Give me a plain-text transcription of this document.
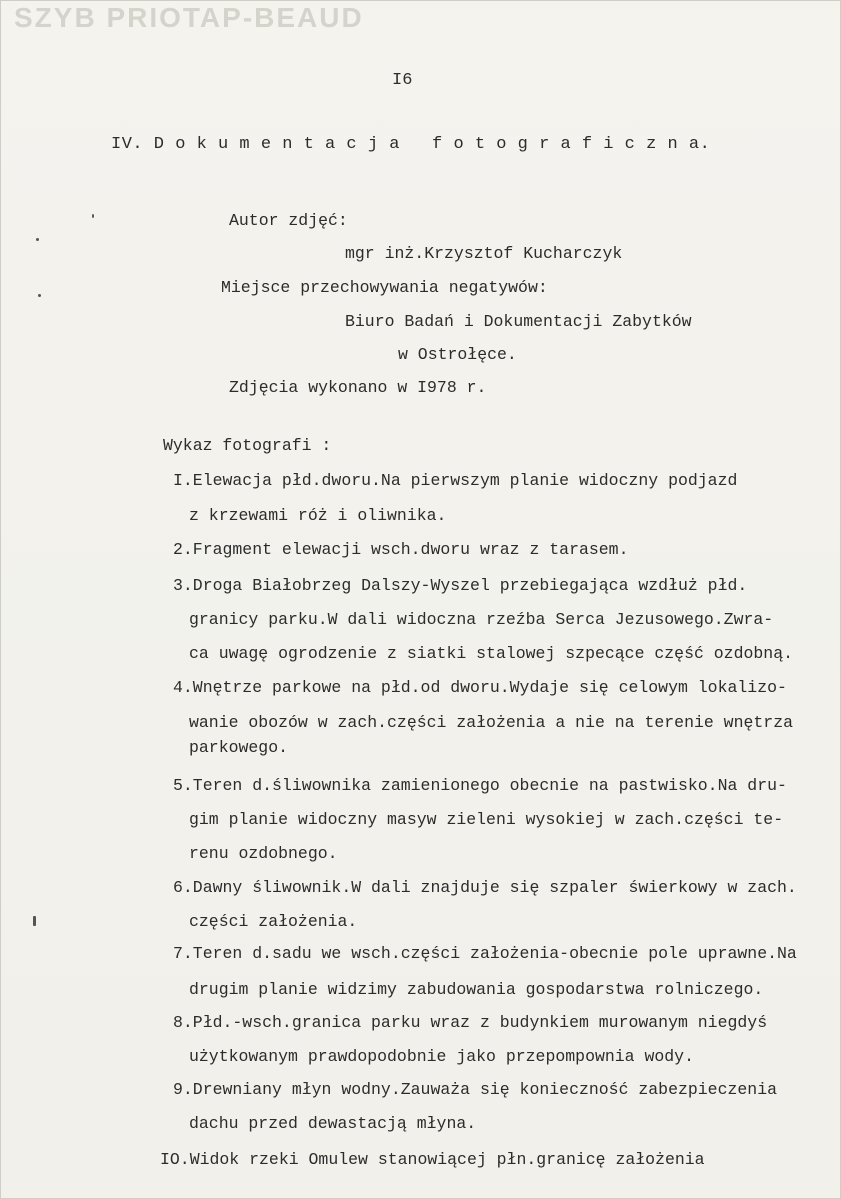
SZYB PRIOTAP-BEAUD
I6
IV. D o k u m e n t a c j a   f o t o g r a f i c z n a.
Autor zdjęć:
mgr inż.Krzysztof Kucharczyk
Miejsce przechowywania negatywów:
Biuro Badań i Dokumentacji Zabytków
w Ostrołęce.
Zdjęcia wykonano w I978 r.
Wykaz fotografi :
I.Elewacja płd.dworu.Na pierwszym planie widoczny podjazd
z krzewami róż i oliwnika.
2.Fragment elewacji wsch.dworu wraz z tarasem.
3.Droga Białobrzeg Dalszy-Wyszel przebiegająca wzdłuż płd.
granicy parku.W dali widoczna rzeźba Serca Jezusowego.Zwra-
ca uwagę ogrodzenie z siatki stalowej szpecące część ozdobną.
4.Wnętrze parkowe na płd.od dworu.Wydaje się celowym lokalizo-
wanie obozów w zach.części założenia a nie na terenie wnętrza
parkowego.
5.Teren d.śliwownika zamienionego obecnie na pastwisko.Na dru-
gim planie widoczny masyw zieleni wysokiej w zach.części te-
renu ozdobnego.
6.Dawny śliwownik.W dali znajduje się szpaler świerkowy w zach.
części założenia.
7.Teren d.sadu we wsch.części założenia-obecnie pole uprawne.Na
drugim planie widzimy zabudowania gospodarstwa rolniczego.
8.Płd.-wsch.granica parku wraz z budynkiem murowanym niegdyś
użytkowanym prawdopodobnie jako przepompownia wody.
9.Drewniany młyn wodny.Zauważa się konieczność zabezpieczenia
dachu przed dewastacją młyna.
IO.Widok rzeki Omulew stanowiącej płn.granicę założenia
